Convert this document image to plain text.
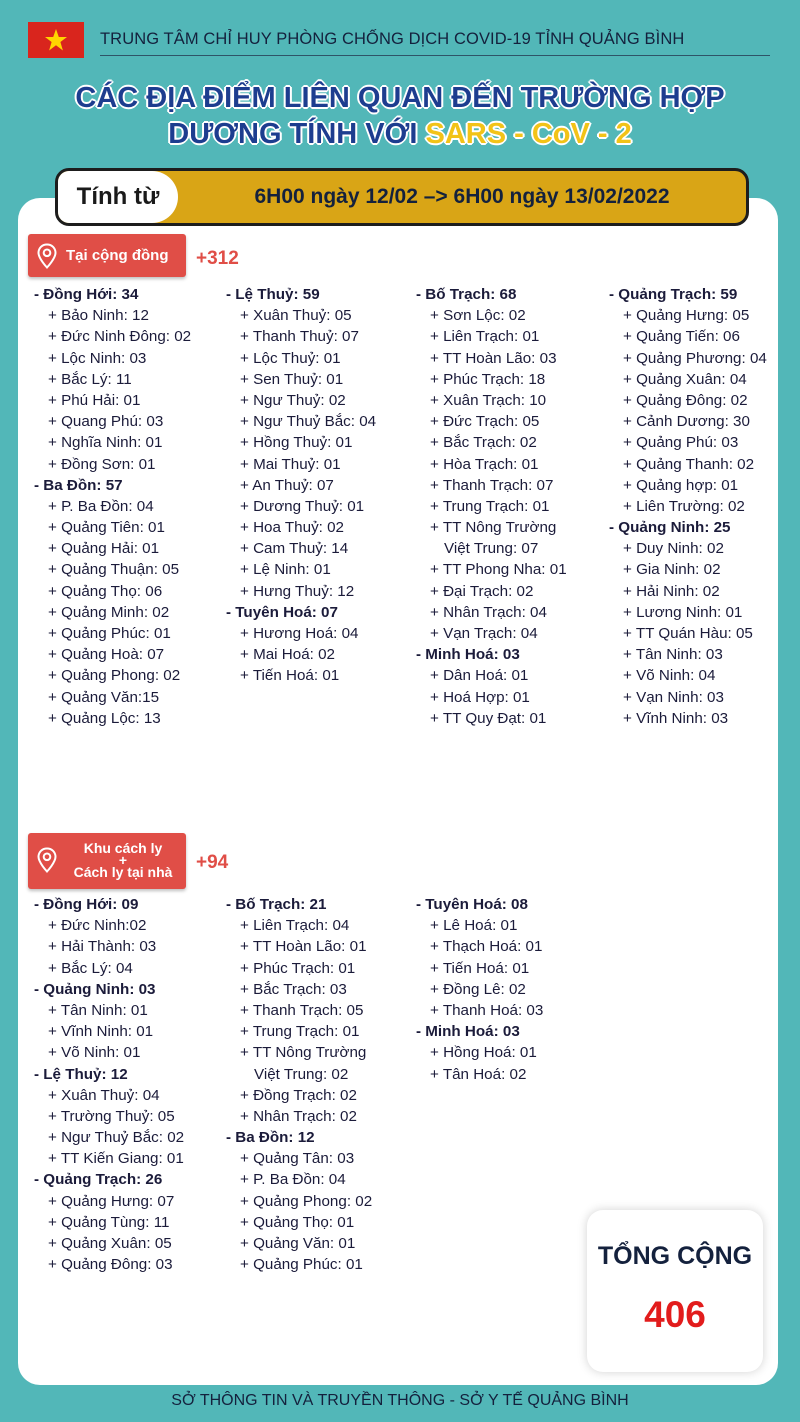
TRUNG TÂM CHỈ HUY PHÒNG CHỐNG DỊCH COVID-19 TỈNH QUẢNG BÌNH
CÁC ĐỊA ĐIỂM LIÊN QUAN ĐẾN TRƯỜNG HỢP
DƯƠNG TÍNH VỚI SARS - CoV - 2
Tính từ	6H00 ngày 12/02 –> 6H00 ngày 13/02/2022
Tại cộng đồng +312
- Đồng Hới: 34
+ Bảo Ninh: 12
+ Đức Ninh Đông: 02
+ Lộc Ninh: 03
+ Bắc Lý: 11
+ Phú Hải: 01
+ Quang Phú: 03
+ Nghĩa Ninh: 01
+ Đồng Sơn: 01
- Ba Đồn: 57
+ P. Ba Đồn: 04
+ Quảng Tiên: 01
+ Quảng Hải: 01
+ Quảng Thuận: 05
+ Quảng Thọ: 06
+ Quảng Minh: 02
+ Quảng Phúc: 01
+ Quảng Hoà: 07
+ Quảng Phong: 02
+ Quảng Văn:15
+ Quảng Lộc: 13
- Lệ Thuỷ: 59
+ Xuân Thuỷ: 05
+ Thanh Thuỷ: 07
+ Lộc Thuỷ: 01
+ Sen Thuỷ: 01
+ Ngư Thuỷ: 02
+ Ngư Thuỷ Bắc: 04
+ Hồng Thuỷ: 01
+ Mai Thuỷ: 01
+ An Thuỷ: 07
+ Dương Thuỷ: 01
+ Hoa Thuỷ: 02
+ Cam Thuỷ: 14
+ Lệ Ninh: 01
+ Hưng Thuỷ: 12
- Tuyên Hoá: 07
+ Hương Hoá: 04
+ Mai Hoá: 02
+ Tiến Hoá: 01
- Bố Trạch: 68
+ Sơn Lộc: 02
+ Liên Trạch: 01
+ TT Hoàn Lão: 03
+ Phúc Trạch: 18
+ Xuân Trạch: 10
+ Đức Trạch: 05
+ Bắc Trạch: 02
+ Hòa Trạch: 01
+ Thanh Trạch: 07
+ Trung Trạch: 01
+ TT Nông Trường
Việt Trung: 07
+ TT Phong Nha: 01
+ Đại Trạch: 02
+ Nhân Trạch: 04
+ Vạn Trạch: 04
- Minh Hoá: 03
+ Dân Hoá: 01
+ Hoá Hợp: 01
+ TT Quy Đạt: 01
- Quảng Trạch: 59
+ Quảng Hưng: 05
+ Quảng Tiến: 06
+ Quảng Phương: 04
+ Quảng Xuân: 04
+ Quảng Đông: 02
+ Cảnh Dương: 30
+ Quảng Phú: 03
+ Quảng Thanh: 02
+ Quảng hợp: 01
+ Liên Trường: 02
- Quảng Ninh: 25
+ Duy Ninh: 02
+ Gia Ninh: 02
+ Hải Ninh: 02
+ Lương Ninh: 01
+ TT Quán Hàu: 05
+ Tân Ninh: 03
+ Võ Ninh: 04
+ Vạn Ninh: 03
+ Vĩnh Ninh: 03
Khu cách ly
+
Cách ly tại nhà	+94
- Đồng Hới: 09
+ Đức Ninh:02
+ Hải Thành: 03
+ Bắc Lý: 04
- Quảng Ninh: 03
+ Tân Ninh: 01
+ Vĩnh Ninh: 01
+ Võ Ninh: 01
- Lệ Thuỷ: 12
+ Xuân Thuỷ: 04
+ Trường Thuỷ: 05
+ Ngư Thuỷ Bắc: 02
+ TT Kiến Giang: 01
- Quảng Trạch: 26
+ Quảng Hưng: 07
+ Quảng Tùng: 11
+ Quảng Xuân: 05
+ Quảng Đông: 03
- Bố Trạch: 21
+ Liên Trạch: 04
+ TT Hoàn Lão: 01
+ Phúc Trạch: 01
+ Bắc Trạch: 03
+ Thanh Trạch: 05
+ Trung Trạch: 01
+ TT Nông Trường
Việt Trung: 02
+ Đồng Trạch: 02
+ Nhân Trạch: 02
- Ba Đồn: 12
+ Quảng Tân: 03
+ P. Ba Đồn: 04
+ Quảng Phong: 02
+ Quảng Thọ: 01
+ Quảng Văn: 01
+ Quảng Phúc: 01
- Tuyên Hoá: 08
+ Lê Hoá: 01
+ Thạch Hoá: 01
+ Tiến Hoá: 01
+ Đồng Lê: 02
+ Thanh Hoá: 03
- Minh Hoá: 03
+ Hồng Hoá: 01
+ Tân Hoá: 02
TỔNG CỘNG
406
SỞ THÔNG TIN VÀ TRUYỀN THÔNG - SỞ Y TẾ QUẢNG BÌNH
